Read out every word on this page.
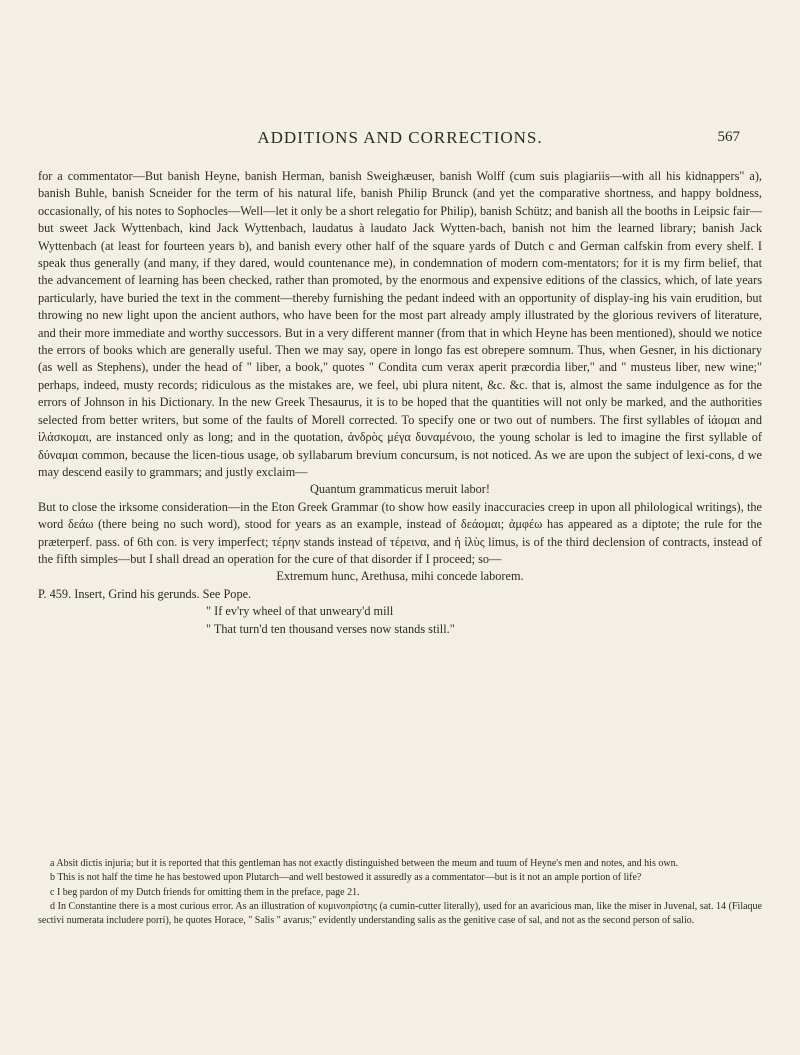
ADDITIONS AND CORRECTIONS.	567

for a commentator—But banish Heyne, banish Herman, banish Sweighæuser, banish Wolff (cum suis plagiariis—with all his kidnappers" a), banish Buhle, banish Scneider for the term of his natural life, banish Philip Brunck (and yet the comparative shortness, and happy boldness, occasionally, of his notes to Sophocles—Well—let it only be a short relegatio for Philip), banish Schütz; and banish all the booths in Leipsic fair—but sweet Jack Wyttenbach, kind Jack Wyttenbach, laudatus à laudato Jack Wytten-bach, banish not him the learned library; banish Jack Wyttenbach (at least for fourteen years b), and banish every other half of the square yards of Dutch c and German calfskin from every shelf. I speak thus generally (and many, if they dared, would countenance me), in condemnation of modern com-mentators; for it is my firm belief, that the advancement of learning has been checked, rather than promoted, by the enormous and expensive editions of the classics, which, of late years particularly, have buried the text in the comment—thereby furnishing the pedant indeed with an opportunity of display-ing his vain erudition, but throwing no new light upon the ancient authors, who have been for the most part already amply illustrated by the glorious revivers of literature, and their more immediate and worthy successors. But in a very different manner (from that in which Heyne has been mentioned), should we notice the errors of books which are generally useful. Then we may say, opere in longo fas est obrepere somnum. Thus, when Gesner, in his dictionary (as well as Stephens), under the head of " liber, a book," quotes " Condita cum verax aperit præcordia liber," and " musteus liber, new wine;" perhaps, indeed, musty records; ridiculous as the mistakes are, we feel, ubi plura nitent, &c. &c. that is, almost the same indulgence as for the errors of Johnson in his Dictionary. In the new Greek Thesaurus, it is to be hoped that the quantities will not only be marked, and the authorities selected from better writers, but some of the faults of Morell corrected. To specify one or two out of numbers. The first syllables of ἰάομαι and ἱλάσκομαι, are instanced only as long; and in the quotation, ἀνδρὸς μέγα δυναμένοιο, the young scholar is led to imagine the first syllable of δύναμαι common, because the licen-tious usage, ob syllabarum brevium concursum, is not noticed. As we are upon the subject of lexi-cons, d we may descend easily to grammars; and justly exclaim—

Quantum grammaticus meruit labor!

But to close the irksome consideration—in the Eton Greek Grammar (to show how easily inaccuracies creep in upon all philological writings), the word δεάω (there being no such word), stood for years as an example, instead of δεάομαι; ἀμφέω has appeared as a diptote; the rule for the præterperf. pass. of 6th con. is very imperfect; τέρην stands instead of τέρεινα, and ἡ ἰλὺς limus, is of the third declension of contracts, instead of the fifth simples—but I shall dread an operation for the cure of that disorder if I proceed; so—

Extremum hunc, Arethusa, mihi concede laborem.

P. 459. Insert, Grind his gerunds. See Pope.

" If ev'ry wheel of that unweary'd mill

" That turn'd ten thousand verses now stands still."

a Absit dictis injuria; but it is reported that this gentleman has not exactly distinguished between the meum and tuum of Heyne's men and notes, and his own.

b This is not half the time he has bestowed upon Plutarch—and well bestowed it assuredly as a commentator—but is it not an ample portion of life?

c I beg pardon of my Dutch friends for omitting them in the preface, page 21.

d In Constantine there is a most curious error. As an illustration of κυμινοπρίστης (a cumin-cutter literally), used for an avaricious man, like the miser in Juvenal, sat. 14 (Filaque sectivi numerata includere porri), he quotes Horace, " Salis " avarus;" evidently understanding salis as the genitive case of sal, and not as the second person of salio.
